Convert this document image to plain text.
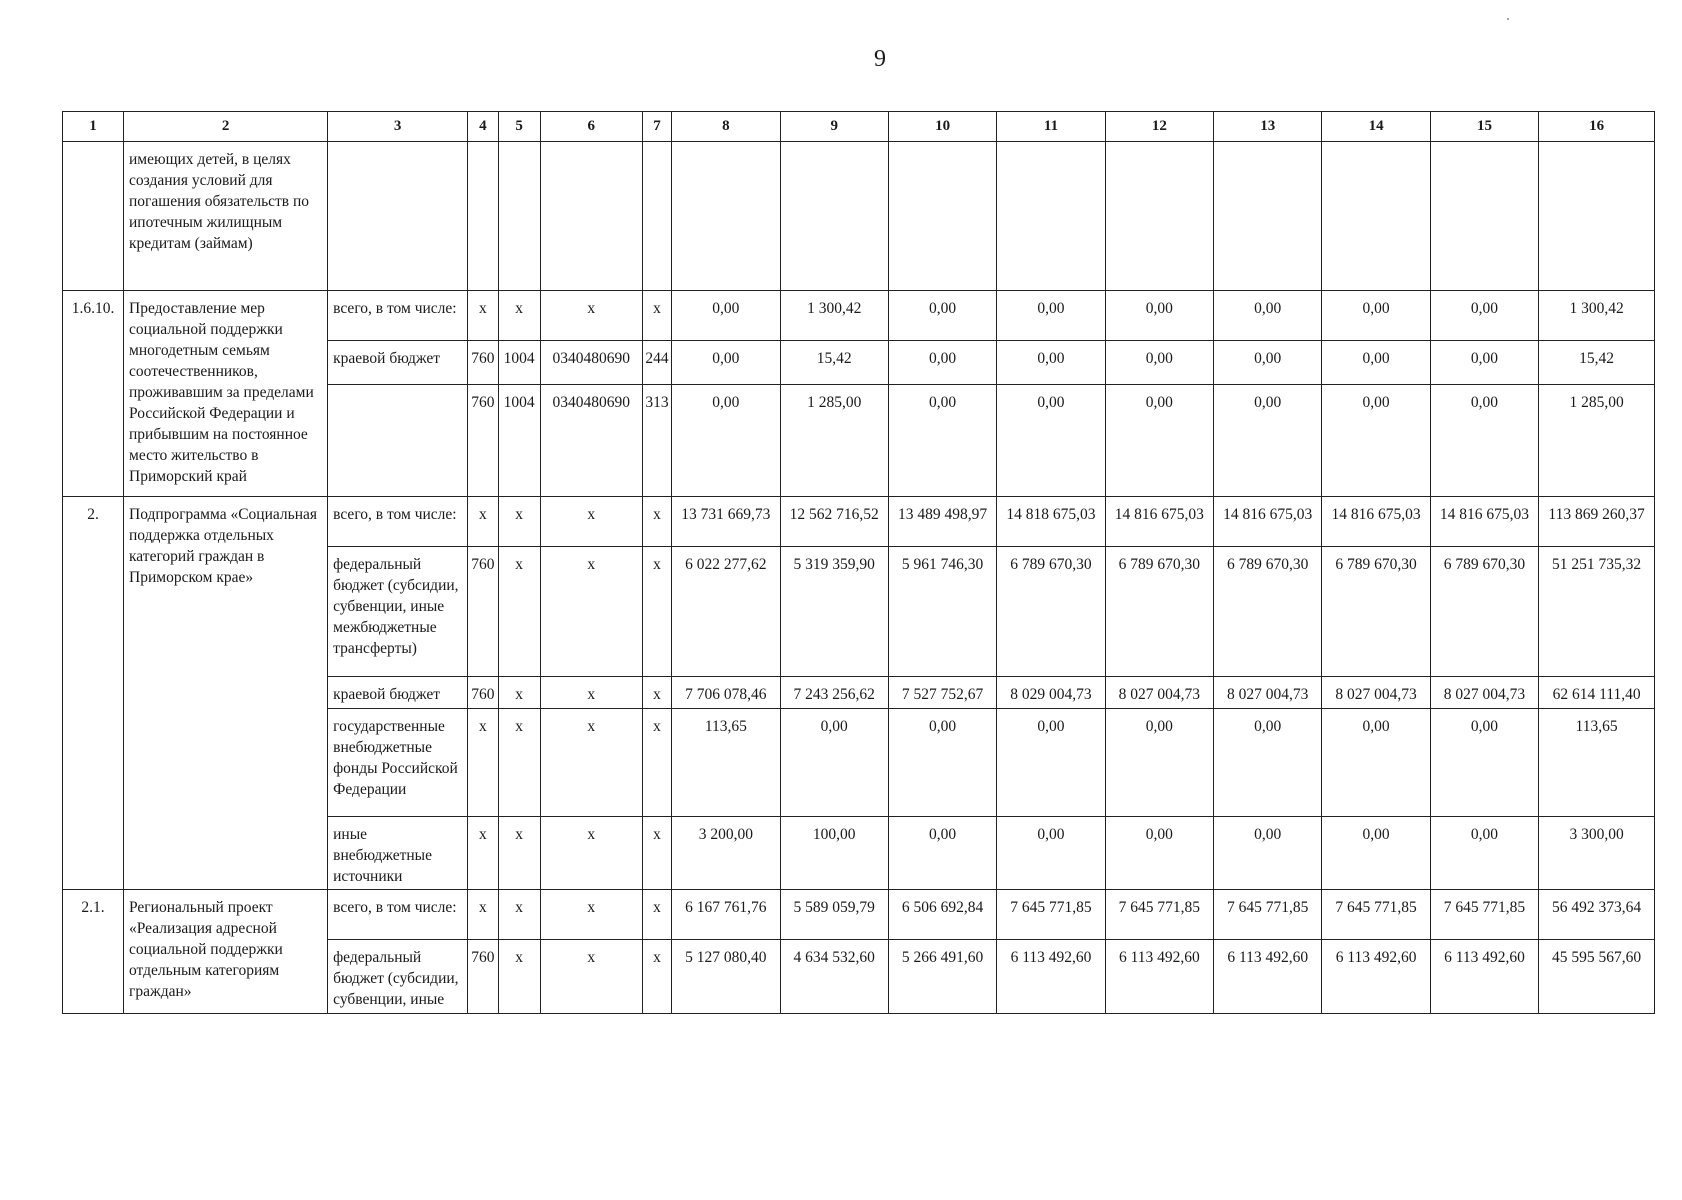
9
1	2	3	4	5	6	7	8	9	10	11	12	13	14	15	16
	имеющих детей, в целях создания условий для погашения обязательств по ипотечным жилищным кредитам (займам)														
1.6.10.	Предоставление мер социальной поддержки многодетным семьям соотечественников, проживавшим за пределами Российской Федерации и прибывшим на постоянное место жительство в Приморский край	всего, в том числе:	х	х	х	х	0,00	1 300,42	0,00	0,00	0,00	0,00	0,00	0,00	1 300,42
		краевой бюджет	760	1004	0340480690	244	0,00	15,42	0,00	0,00	0,00	0,00	0,00	0,00	15,42
			760	1004	0340480690	313	0,00	1 285,00	0,00	0,00	0,00	0,00	0,00	0,00	1 285,00
2.	Подпрограмма «Социальная поддержка отдельных категорий граждан в Приморском крае»	всего, в том числе:	х	х	х	х	13 731 669,73	12 562 716,52	13 489 498,97	14 818 675,03	14 816 675,03	14 816 675,03	14 816 675,03	14 816 675,03	113 869 260,37
		федеральный бюджет (субсидии, субвенции, иные межбюджетные трансферты)	760	х	х	х	6 022 277,62	5 319 359,90	5 961 746,30	6 789 670,30	6 789 670,30	6 789 670,30	6 789 670,30	6 789 670,30	51 251 735,32
		краевой бюджет	760	х	х	х	7 706 078,46	7 243 256,62	7 527 752,67	8 029 004,73	8 027 004,73	8 027 004,73	8 027 004,73	8 027 004,73	62 614 111,40
		государственные внебюджетные фонды Российской Федерации	х	х	х	х	113,65	0,00	0,00	0,00	0,00	0,00	0,00	0,00	113,65
		иные внебюджетные источники	х	х	х	х	3 200,00	100,00	0,00	0,00	0,00	0,00	0,00	0,00	3 300,00
2.1.	Региональный проект «Реализация адресной социальной поддержки отдельным категориям граждан»	всего, в том числе:	х	х	х	х	6 167 761,76	5 589 059,79	6 506 692,84	7 645 771,85	7 645 771,85	7 645 771,85	7 645 771,85	7 645 771,85	56 492 373,64
		федеральный бюджет (субсидии, субвенции, иные	760	х	х	х	5 127 080,40	4 634 532,60	5 266 491,60	6 113 492,60	6 113 492,60	6 113 492,60	6 113 492,60	6 113 492,60	45 595 567,60
